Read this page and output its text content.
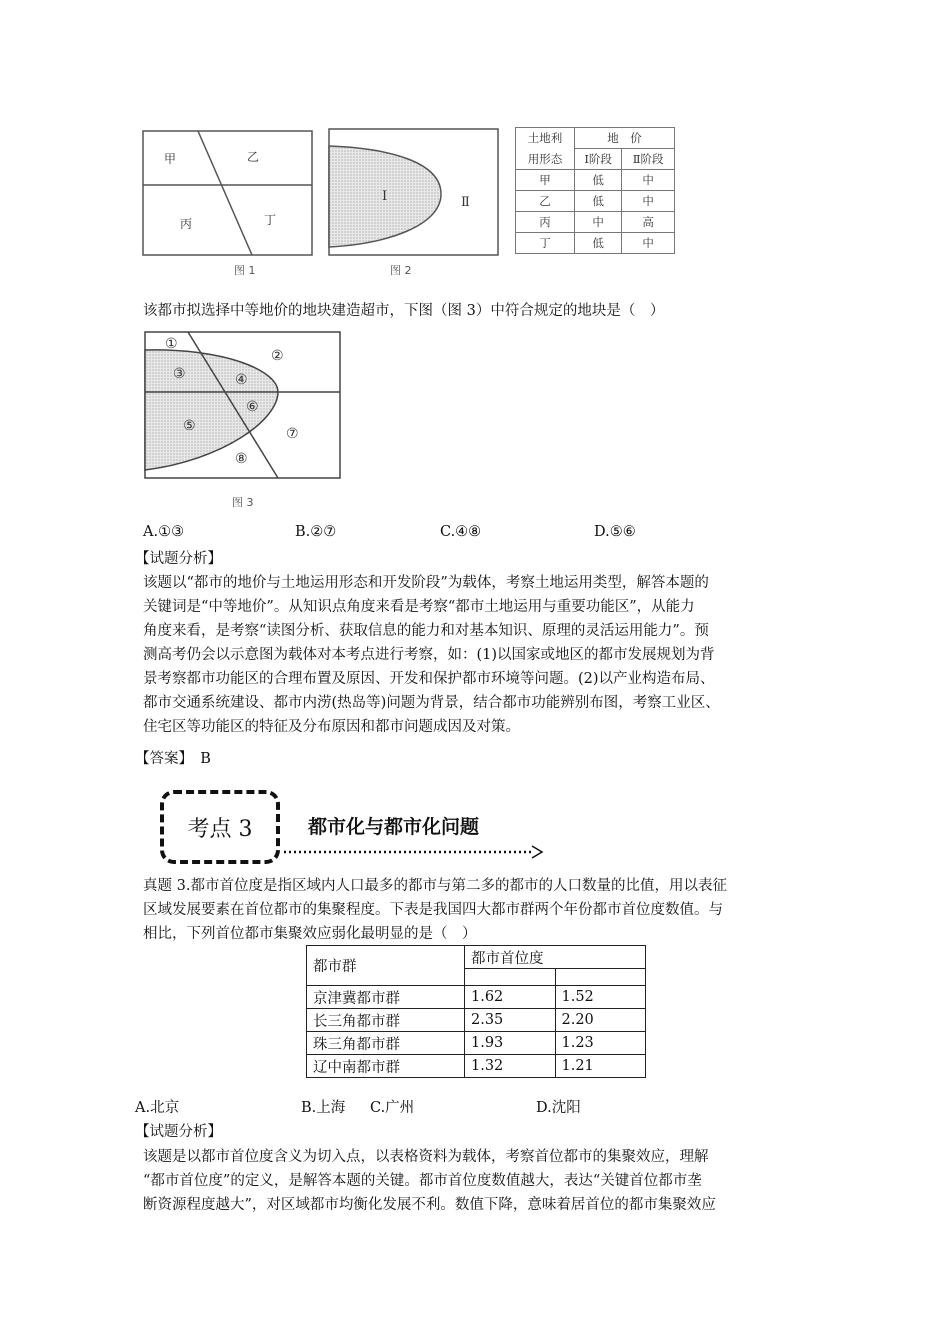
甲	乙
丙	丁
图 1
Ⅰ	Ⅱ
图 2
土地利	地　价	
用形态	Ⅰ阶段	Ⅱ阶段
甲	低	中
乙	低	中
丙	中	高
丁	低	中
该都市拟选择中等地价的地块建造超市，下图（图 3）中符合规定的地块是（　）
①
②
③	④
⑥
⑤	⑦
⑧
图 3
A.①③	B.②⑦	C.④⑧	D.⑤⑥
【试题分析】
该题以“都市的地价与土地运用形态和开发阶段”为载体，考察土地运用类型，解答本题的
关键词是“中等地价”。从知识点角度来看是考察“都市土地运用与重要功能区”，从能力
角度来看，是考察“读图分析、获取信息的能力和对基本知识、原理的灵活运用能力”。预
测高考仍会以示意图为载体对本考点进行考察，如：(1)以国家或地区的都市发展规划为背
景考察都市功能区的合理布置及原因、开发和保护都市环境等问题。(2)以产业构造布局、
都市交通系统建设、都市内涝(热岛等)问题为背景，结合都市功能辨别布图，考察工业区、
住宅区等功能区的特征及分布原因和都市问题成因及对策。
【答案】　B
考点 3	都市化与都市化问题
真题 3.都市首位度是指区域内人口最多的都市与第二多的都市的人口数量的比值，用以表征
区域发展要素在首位都市的集聚程度。下表是我国四大都市群两个年份都市首位度数值。与
相比，下列首位都市集聚效应弱化最明显的是（　）
都市群	都市首位度	

京津冀都市群	1.62	1.52
长三角都市群	2.35	2.20
珠三角都市群	1.93	1.23
辽中南都市群	1.32	1.21
A.北京	B.上海 C.广州	D.沈阳
【试题分析】
该题是以都市首位度含义为切入点，以表格资料为载体，考察首位都市的集聚效应，理解
“都市首位度”的定义，是解答本题的关键。都市首位度数值越大，表达“关键首位都市垄
断资源程度越大”，对区域都市均衡化发展不利。数值下降，意味着居首位的都市集聚效应
